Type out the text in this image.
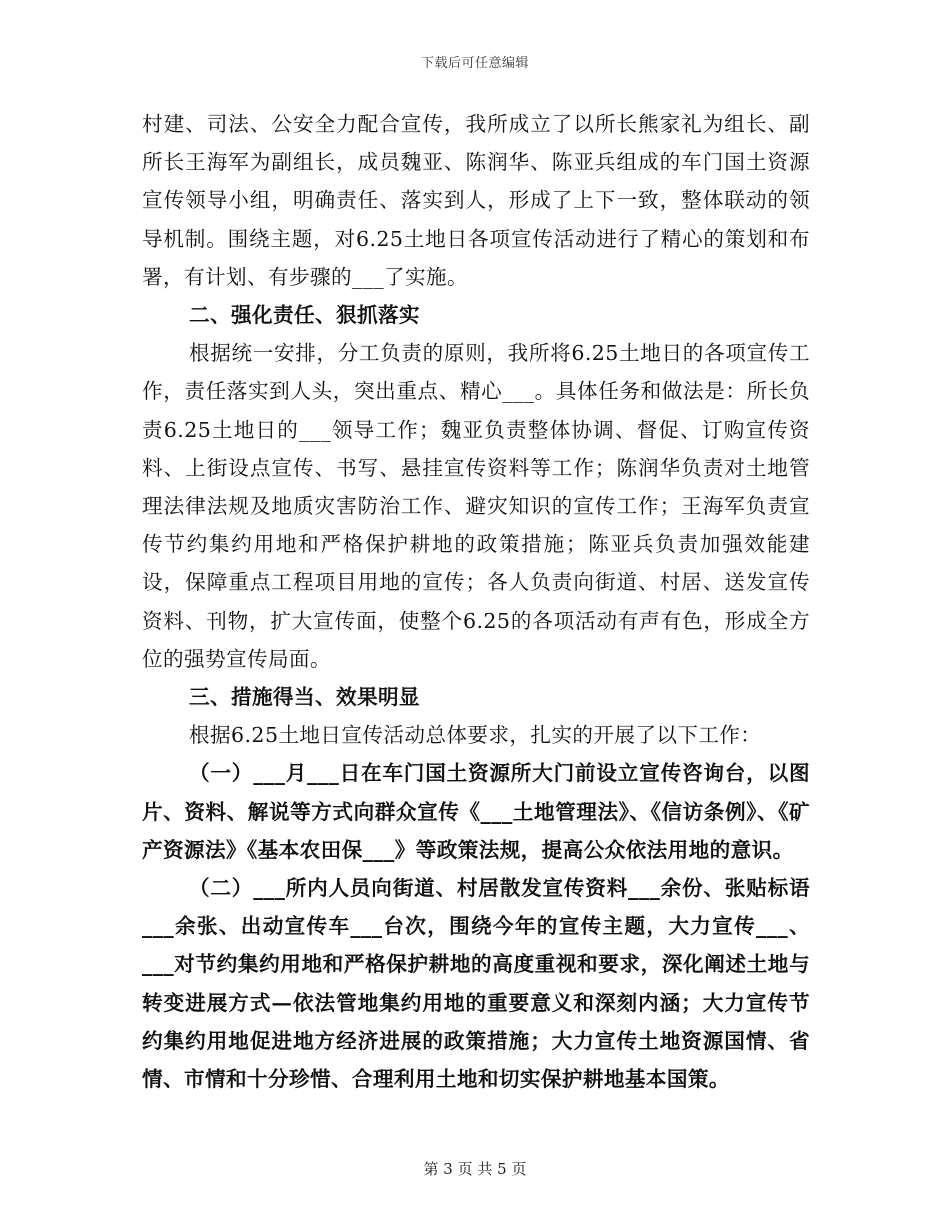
下载后可任意编辑

村建、司法、公安全力配合宣传，我所成立了以所长熊家礼为组长、副所长王海军为副组长，成员魏亚、陈润华、陈亚兵组成的车门国土资源宣传领导小组，明确责任、落实到人，形成了上下一致，整体联动的领导机制。围绕主题，对6.25土地日各项宣传活动进行了精心的策划和布署，有计划、有步骤的___了实施。

二、强化责任、狠抓落实

根据统一安排，分工负责的原则，我所将6.25土地日的各项宣传工作，责任落实到人头，突出重点、精心___。具体任务和做法是：所长负责6.25土地日的___领导工作；魏亚负责整体协调、督促、订购宣传资料、上街设点宣传、书写、悬挂宣传资料等工作；陈润华负责对土地管理法律法规及地质灾害防治工作、避灾知识的宣传工作；王海军负责宣传节约集约用地和严格保护耕地的政策措施；陈亚兵负责加强效能建设，保障重点工程项目用地的宣传；各人负责向街道、村居、送发宣传资料、刊物，扩大宣传面，使整个6.25的各项活动有声有色，形成全方位的强势宣传局面。

三、措施得当、效果明显

根据6.25土地日宣传活动总体要求，扎实的开展了以下工作：

（一）___月___日在车门国土资源所大门前设立宣传咨询台，以图片、资料、解说等方式向群众宣传《___土地管理法》、《信访条例》、《矿产资源法》《基本农田保___》等政策法规，提高公众依法用地的意识。

（二）___所内人员向街道、村居散发宣传资料___余份、张贴标语___余张、出动宣传车___台次，围绕今年的宣传主题，大力宣传___、___对节约集约用地和严格保护耕地的高度重视和要求，深化阐述土地与转变进展方式—依法管地集约用地的重要意义和深刻内涵；大力宣传节约集约用地促进地方经济进展的政策措施；大力宣传土地资源国情、省情、市情和十分珍惜、合理利用土地和切实保护耕地基本国策。

第 3 页 共 5 页
